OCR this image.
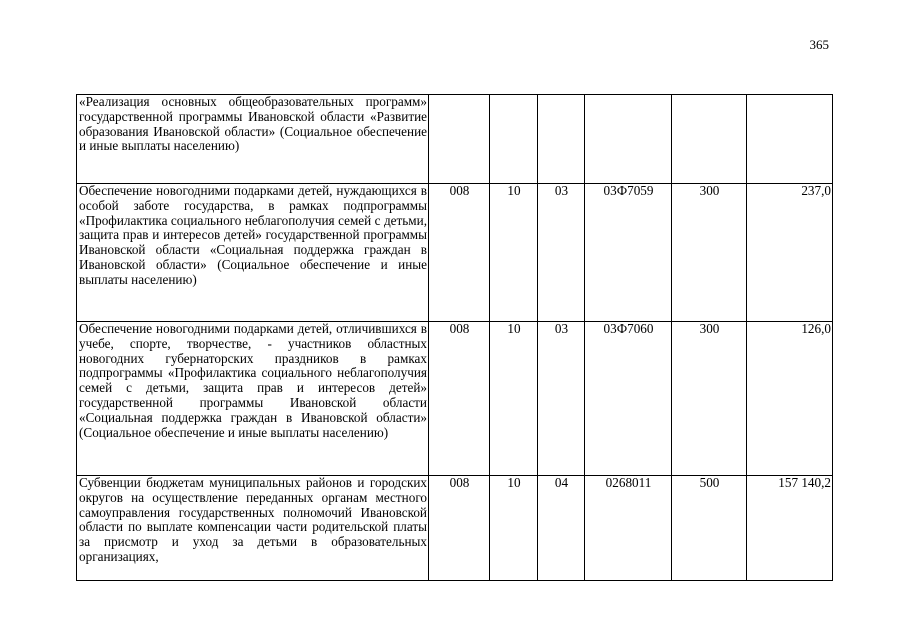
365
«Реализация основных общеобразовательных программ» государственной программы Ивановской области «Развитие образования Ивановской области» (Социальное обеспечение и иные выплаты населению)						
Обеспечение новогодними подарками детей, нуждающихся в особой заботе государства, в рамках подпрограммы «Профилактика социального неблагополучия семей с детьми, защита прав и интересов детей» государственной программы Ивановской области «Социальная поддержка граждан в Ивановской области» (Социальное обеспечение и иные выплаты населению)	008	10	03	03Ф7059	300	237,0
Обеспечение новогодними подарками детей, отличившихся в учебе, спорте, творчестве, - участников областных новогодних губернаторских праздников в рамках подпрограммы «Профилактика социального неблагополучия семей с детьми, защита прав и интересов детей» государственной программы Ивановской области «Социальная поддержка граждан в Ивановской области» (Социальное обеспечение и иные выплаты населению)	008	10	03	03Ф7060	300	126,0
Субвенции бюджетам муниципальных районов и городских округов на осуществление переданных органам местного самоуправления государственных полномочий Ивановской области по выплате компенсации части родительской платы за присмотр и уход за детьми в образовательных организациях,	008	10	04	0268011	500	157 140,2
